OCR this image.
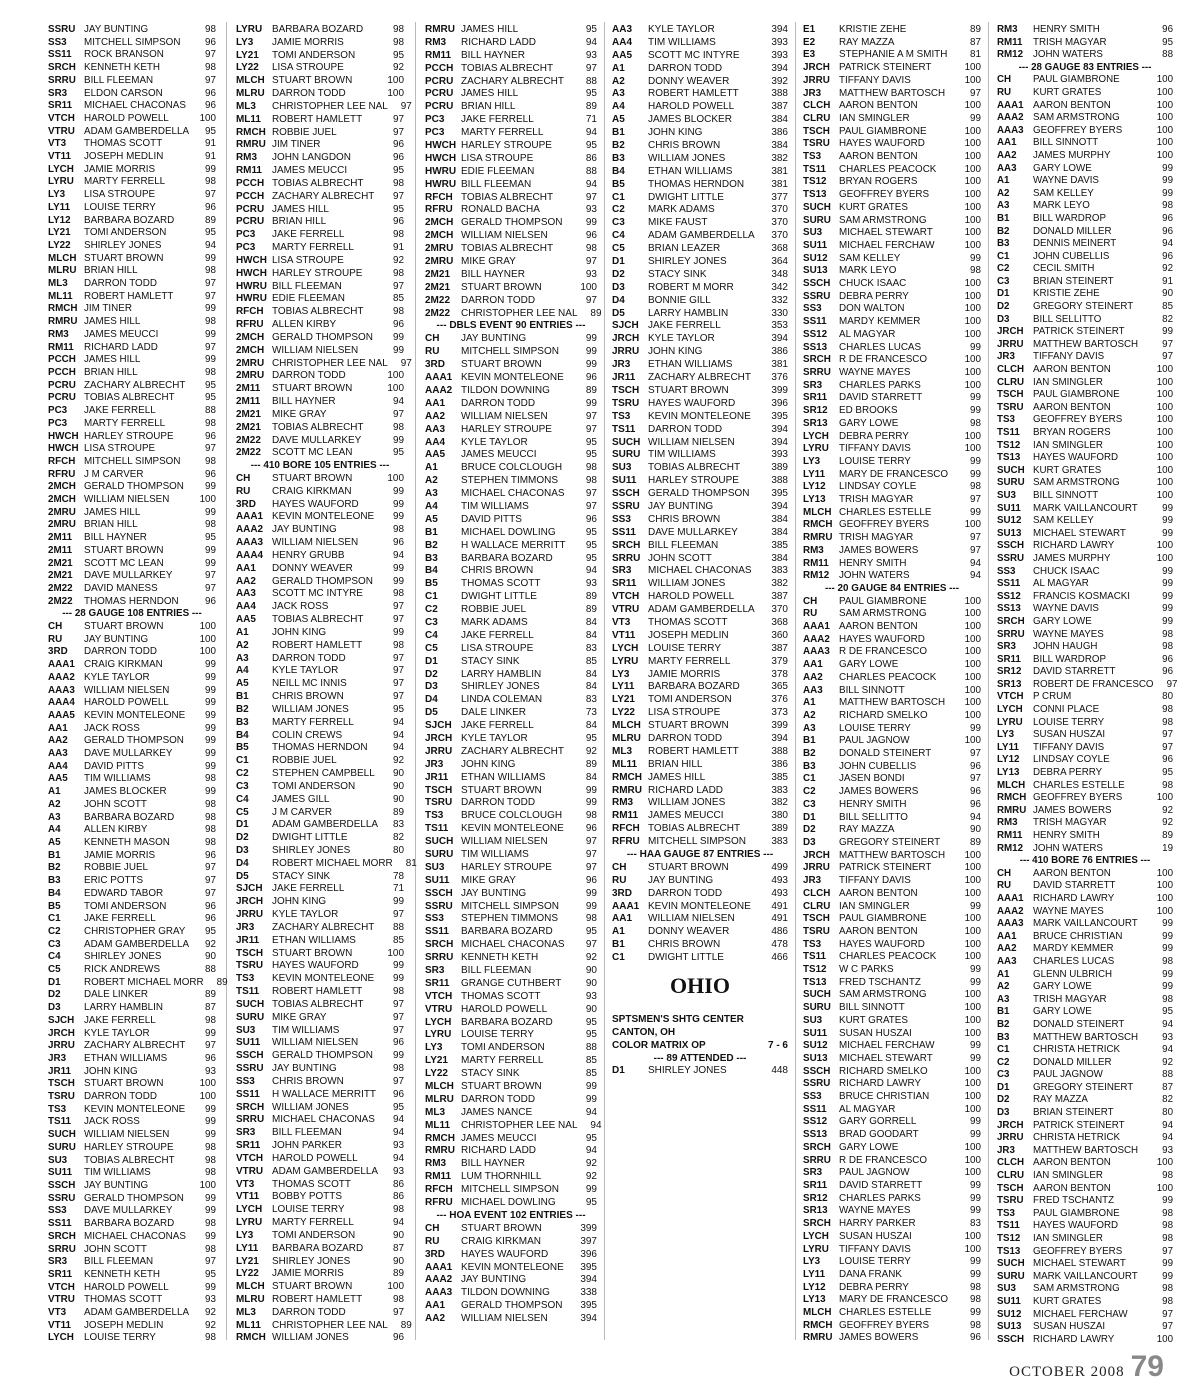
SSRU JAY BUNTING	98
SS3	MITCHELL SIMPSON	96
SS11	ROCK BRANSON	97
SRCH KENNETH KETH	98
SRRU BILL FLEEMAN	97
SR3	ELDON CARSON	96
SR11	MICHAEL CHACONAS	96
VTCH HAROLD POWELL	100
VTRU ADAM GAMBERDELLA	95
VT3	THOMAS SCOTT	91
VT11	JOSEPH MEDLIN	91
LYCH	JAMIE MORRIS	99
LYRU	MARTY FERRELL	98
LY3	LISA STROUPE	97
LY11	LOUISE TERRY	96
LY12	BARBARA BOZARD	89
LY21	TOMI ANDERSON	95
LY22	SHIRLEY JONES	94
MLCH STUART BROWN	99
MLRU BRIAN HILL	98
ML3	DARRON TODD	97
ML11	ROBERT HAMLETT	97
RMCH JIM TINER	99
RMRU JAMES HILL	98
RM3	JAMES MEUCCI	99
RM11	RICHARD LADD	97
PCCH JAMES HILL	99
PCCH BRIAN HILL	98
PCRU ZACHARY ALBRECHT	95
PCRU TOBIAS ALBRECHT	95
PC3	JAKE FERRELL	88
PC3	MARTY FERRELL	98
HWCH HARLEY STROUPE	96
HWCH LISA STROUPE	97
RFCH MITCHELL SIMPSON	98
RFRU J M CARVER	96
2MCH GERALD THOMPSON	99
2MCH WILLIAM NIELSEN	100
2MRU JAMES HILL	99
2MRU BRIAN HILL	98
2M11	BILL HAYNER	95
2M11	STUART BROWN	99
2M21	SCOTT MC LEAN	99
2M21	DAVE MULLARKEY	97
2M22	DAVID MANESS	97
2M22	THOMAS HERNDON	96
--- 28 GAUGE 108 ENTRIES ---
CH	STUART BROWN	100
RU	JAY BUNTING	100
3RD	DARRON TODD	100
AAA1 CRAIG KIRKMAN	99
AAA2 KYLE TAYLOR	99
AAA3 WILLIAM NIELSEN	99
AAA4 HAROLD POWELL	99
AAA5 KEVIN MONTELEONE	99
AA1	JACK ROSS	99
AA2	GERALD THOMPSON	99
AA3	DAVE MULLARKEY	99
AA4	DAVID PITTS	99
AA5	TIM WILLIAMS	98
A1	JAMES BLOCKER	99
A2	JOHN SCOTT	98
A3	BARBARA BOZARD	98
A4	ALLEN KIRBY	98
A5	KENNETH MASON	98
B1	JAMIE MORRIS	96
B2	ROBBIE JUEL	97
B3	ERIC POTTS	97
B4	EDWARD TABOR	97
B5	TOMI ANDERSON	96
C1	JAKE FERRELL	96
C2	CHRISTOPHER GRAY	95
C3	ADAM GAMBERDELLA	92
C4	SHIRLEY JONES	90
C5	RICK ANDREWS	88
D1	ROBERT MICHAEL MORR	89
D2	DALE LINKER	89
D3	LARRY HAMBLIN	87
SJCH JAKE FERRELL	98
JRCH KYLE TAYLOR	99
JRRU ZACHARY ALBRECHT	97
JR3	ETHAN WILLIAMS	96
JR11	JOHN KING	93
TSCH STUART BROWN	100
TSRU DARRON TODD	100
TS3	KEVIN MONTELEONE	99
TS11	JACK ROSS	99
SUCH WILLIAM NIELSEN	99
SURU HARLEY STROUPE	98
SU3	TOBIAS ALBRECHT	98
SU11	TIM WILLIAMS	98
SSCH JAY BUNTING	100
SSRU GERALD THOMPSON	99
SS3	DAVE MULLARKEY	99
SS11	BARBARA BOZARD	98
SRCH MICHAEL CHACONAS	99
SRRU JOHN SCOTT	98
SR3	BILL FLEEMAN	97
SR11	KENNETH KETH	95
VTCH HAROLD POWELL	99
VTRU THOMAS SCOTT	93
VT3	ADAM GAMBERDELLA	92
VT11	JOSEPH MEDLIN	92
LYCH	LOUISE TERRY	98
LYRU BARBARA BOZARD	98
LY3	JAMIE MORRIS	98
LY21	TOMI ANDERSON	95
LY22	LISA STROUPE	92
MLCH STUART BROWN	100
MLRU DARRON TODD	100
ML3	CHRISTOPHER LEE NAL	97
ML11	ROBERT HAMLETT	97
RMCH ROBBIE JUEL	97
RMRU JIM TINER	96
RM3	JOHN LANGDON	96
RM11	JAMES MEUCCI	95
PCCH TOBIAS ALBRECHT	98
PCCH ZACHARY ALBRECHT	97
PCRU JAMES HILL	95
PCRU BRIAN HILL	96
PC3	JAKE FERRELL	98
PC3	MARTY FERRELL	91
HWCH LISA STROUPE	92
HWCH HARLEY STROUPE	98
HWRU BILL FLEEMAN	97
HWRU EDIE FLEEMAN	85
RFCH TOBIAS ALBRECHT	98
RFRU ALLEN KIRBY	96
2MCH GERALD THOMPSON	99
2MCH WILLIAM NIELSEN	99
2MRU CHRISTOPHER LEE NAL	97
2MRU DARRON TODD	100
2M11	STUART BROWN	100
2M11	BILL HAYNER	94
2M21	MIKE GRAY	97
2M21	TOBIAS ALBRECHT	98
2M22	DAVE MULLARKEY	99
2M22	SCOTT MC LEAN	95
--- 410 BORE 105 ENTRIES ---
CH	STUART BROWN	100
RU	CRAIG KIRKMAN	99
3RD	HAYES WAUFORD	99
AAA1 KEVIN MONTELEONE	99
AAA2 JAY BUNTING	98
AAA3 WILLIAM NIELSEN	96
AAA4 HENRY GRUBB	94
AA1	DONNY WEAVER	99
AA2	GERALD THOMPSON	99
AA3	SCOTT MC INTYRE	98
AA4	JACK ROSS	97
AA5	TOBIAS ALBRECHT	97
A1	JOHN KING	99
A2	ROBERT HAMLETT	98
A3	DARRON TODD	97
A4	KYLE TAYLOR	97
A5	NEILL MC INNIS	97
B1	CHRIS BROWN	97
B2	WILLIAM JONES	95
B3	MARTY FERRELL	94
B4	COLIN CREWS	94
B5	THOMAS HERNDON	94
C1	ROBBIE JUEL	92
C2	STEPHEN CAMPBELL	90
C3	TOMI ANDERSON	90
C4	JAMES GILL	90
C5	J M CARVER	89
D1	ADAM GAMBERDELLA	83
D2	DWIGHT LITTLE	82
D3	SHIRLEY JONES	80
D4	ROBERT MICHAEL MORR	81
D5	STACY SINK	78
SJCH JAKE FERRELL	71
JRCH JOHN KING	99
JRRU KYLE TAYLOR	97
JR3	ZACHARY ALBRECHT	88
JR11	ETHAN WILLIAMS	85
TSCH STUART BROWN	100
TSRU HAYES WAUFORD	99
TS3	KEVIN MONTELEONE	99
TS11	ROBERT HAMLETT	98
SUCH TOBIAS ALBRECHT	97
SURU MIKE GRAY	97
SU3	TIM WILLIAMS	97
SU11	WILLIAM NIELSEN	96
SSCH GERALD THOMPSON	99
SSRU JAY BUNTING	98
SS3	CHRIS BROWN	97
SS11	H WALLACE MERRITT	96
SRCH WILLIAM JONES	95
SRRU MICHAEL CHACONAS	94
SR3	BILL FLEEMAN	94
SR11	JOHN PARKER	93
VTCH HAROLD POWELL	94
VTRU ADAM GAMBERDELLA	93
VT3	THOMAS SCOTT	86
VT11	BOBBY POTTS	86
LYCH LOUISE TERRY	98
LYRU MARTY FERRELL	94
LY3	TOMI ANDERSON	90
LY11	BARBARA BOZARD	87
LY21	SHIRLEY JONES	90
LY22	JAMIE MORRIS	89
MLCH STUART BROWN	100
MLRU ROBERT HAMLETT	98
ML3	DARRON TODD	97
ML11	CHRISTOPHER LEE NAL	89
RMCH WILLIAM JONES	96
RMRU JAMES HILL	95
RM3	RICHARD LADD	94
RM11 BILL HAYNER	93
PCCH TOBIAS ALBRECHT	97
PCRU ZACHARY ALBRECHT	88
PCRU JAMES HILL	95
PCRU BRIAN HILL	89
PC3	JAKE FERRELL	71
PC3	MARTY FERRELL	94
HWCH HARLEY STROUPE	95
HWCH LISA STROUPE	86
HWRU EDIE FLEEMAN	88
HWRU BILL FLEEMAN	94
RFCH TOBIAS ALBRECHT	97
RFRU RONALD BACHA	93
2MCH GERALD THOMPSON	99
2MCH WILLIAM NIELSEN	96
2MRU TOBIAS ALBRECHT	98
2MRU MIKE GRAY	97
2M21	BILL HAYNER	93
2M21	STUART BROWN	100
2M22	DARRON TODD	97
2M22	CHRISTOPHER LEE NAL	89
--- DBLS EVENT 90 ENTRIES ---
CH	JAY BUNTING	99
RU	MITCHELL SIMPSON	99
3RD	STUART BROWN	99
AAA1 KEVIN MONTELEONE	96
AAA2 TILDON DOWNING	89
AA1	DARRON TODD	99
AA2	WILLIAM NIELSEN	97
AA3	HARLEY STROUPE	97
AA4	KYLE TAYLOR	95
AA5	JAMES MEUCCI	95
A1	BRUCE COLCLOUGH	98
A2	STEPHEN TIMMONS	98
A3	MICHAEL CHACONAS	97
A4	TIM WILLIAMS	97
A5	DAVID PITTS	96
B1	MICHAEL DOWLING	95
B2	H WALLACE MERRITT	95
B3	BARBARA BOZARD	95
B4	CHRIS BROWN	94
B5	THOMAS SCOTT	93
C1	DWIGHT LITTLE	89
C2	ROBBIE JUEL	89
C3	MARK ADAMS	84
C4	JAKE FERRELL	84
C5	LISA STROUPE	83
D1	STACY SINK	85
D2	LARRY HAMBLIN	84
D3	SHIRLEY JONES	84
D4	LINDA COLEMAN	83
D5	DALE LINKER	73
SJCH JAKE FERRELL	84
JRCH KYLE TAYLOR	95
JRRU ZACHARY ALBRECHT	92
JR3	JOHN KING	89
JR11	ETHAN WILLIAMS	84
TSCH STUART BROWN	99
TSRU DARRON TODD	99
TS3	BRUCE COLCLOUGH	98
TS11	KEVIN MONTELEONE	96
SUCH WILLIAM NIELSEN	97
SURU TIM WILLIAMS	97
SU3	HARLEY STROUPE	97
SU11	MIKE GRAY	96
SSCH JAY BUNTING	99
SSRU MITCHELL SIMPSON	99
SS3	STEPHEN TIMMONS	98
SS11	BARBARA BOZARD	95
SRCH MICHAEL CHACONAS	97
SRRU KENNETH KETH	92
SR3	BILL FLEEMAN	90
SR11	GRANGE CUTHBERT	90
VTCH THOMAS SCOTT	93
VTRU HAROLD POWELL	90
LYCH BARBARA BOZARD	95
LYRU LOUISE TERRY	95
LY3	TOMI ANDERSON	88
LY21	MARTY FERRELL	85
LY22	STACY SINK	85
MLCH STUART BROWN	99
MLRU DARRON TODD	99
ML3	JAMES NANCE	94
ML11	CHRISTOPHER LEE NAL	94
RMCH JAMES MEUCCI	95
RMRU RICHARD LADD	94
RM3	BILL HAYNER	92
RM11 LUM THORNHILL	92
RFCH MITCHELL SIMPSON	99
RFRU MICHAEL DOWLING	95
--- HOA EVENT 102 ENTRIES ---
CH	STUART BROWN	399
RU	CRAIG KIRKMAN	397
3RD	HAYES WAUFORD	396
AAA1 KEVIN MONTELEONE	395
AAA2 JAY BUNTING	394
AAA3 TILDON DOWNING	338
AA1	GERALD THOMPSON	395
AA2	WILLIAM NIELSEN	394
AA3	KYLE TAYLOR	394
AA4	TIM WILLIAMS	393
AA5	SCOTT MC INTYRE	393
A1	DARRON TODD	394
A2	DONNY WEAVER	392
A3	ROBERT HAMLETT	388
A4	HAROLD POWELL	387
A5	JAMES BLOCKER	384
B1	JOHN KING	386
B2	CHRIS BROWN	384
B3	WILLIAM JONES	382
B4	ETHAN WILLIAMS	381
B5	THOMAS HERNDON	381
C1	DWIGHT LITTLE	377
C2	MARK ADAMS	370
C3	MIKE FAUST	370
C4	ADAM GAMBERDELLA	370
C5	BRIAN LEAZER	368
D1	SHIRLEY JONES	364
D2	STACY SINK	348
D3	ROBERT M MORR	342
D4	BONNIE GILL	332
D5	LARRY HAMBLIN	330
SJCH JAKE FERRELL	353
JRCH KYLE TAYLOR	394
JRRU JOHN KING	386
JR3	ETHAN WILLIAMS	381
JR11	ZACHARY ALBRECHT	376
TSCH STUART BROWN	399
TSRU HAYES WAUFORD	396
TS3	KEVIN MONTELEONE	395
TS11	DARRON TODD	394
SUCH WILLIAM NIELSEN	394
SURU TIM WILLIAMS	393
SU3	TOBIAS ALBRECHT	389
SU11	HARLEY STROUPE	388
SSCH GERALD THOMPSON	395
SSRU JAY BUNTING	394
SS3	CHRIS BROWN	384
SS11	DAVE MULLARKEY	384
SRCH BILL FLEEMAN	385
SRRU JOHN SCOTT	384
SR3	MICHAEL CHACONAS	383
SR11	WILLIAM JONES	382
VTCH HAROLD POWELL	387
VTRU ADAM GAMBERDELLA	370
VT3	THOMAS SCOTT	368
VT11	JOSEPH MEDLIN	360
LYCH LOUISE TERRY	387
LYRU MARTY FERRELL	379
LY3	JAMIE MORRIS	378
LY11	BARBARA BOZARD	365
LY21	TOMI ANDERSON	376
LY22	LISA STROUPE	373
MLCH STUART BROWN	399
MLRU DARRON TODD	394
ML3	ROBERT HAMLETT	388
ML11	BRIAN HILL	386
RMCH JAMES HILL	385
RMRU RICHARD LADD	383
RM3	WILLIAM JONES	382
RM11 JAMES MEUCCI	380
RFCH TOBIAS ALBRECHT	389
RFRU MITCHELL SIMPSON	383
--- HAA GAUGE 87 ENTRIES ---
CH	STUART BROWN	499
RU	JAY BUNTING	493
3RD	DARRON TODD	493
AAA1 KEVIN MONTELEONE	491
AA1	WILLIAM NIELSEN	491
A1	DONNY WEAVER	486
B1	CHRIS BROWN	478
C1	DWIGHT LITTLE	466
OHIO
SPTSMEN'S SHTG CENTER
CANTON, OH
COLOR MATRIX OP	7 - 6
--- 89 ATTENDED ---
D1	SHIRLEY JONES	448
E1	KRISTIE ZEHE	89
E2	RAY MAZZA	87
E3	STEPHANIE A M SMITH	81
JRCH PATRICK STEINERT	100
JRRU TIFFANY DAVIS	100
JR3	MATTHEW BARTOSCH	97
CLCH AARON BENTON	100
CLRU IAN SMINGLER	99
TSCH PAUL GIAMBRONE	100
TSRU HAYES WAUFORD	100
TS3	AARON BENTON	100
TS11	CHARLES PEACOCK	100
TS12	BRYAN ROGERS	100
TS13	GEOFFREY BYERS	100
SUCH KURT GRATES	100
SURU SAM ARMSTRONG	100
SU3	MICHAEL STEWART	100
SU11	MICHAEL FERCHAW	100
SU12	SAM KELLEY	99
SU13	MARK LEYO	98
SSCH CHUCK ISAAC	100
SSRU DEBRA PERRY	100
SS3	DON WALTON	100
SS11	MARDY KEMMER	100
SS12	AL MAGYAR	100
SS13	CHARLES LUCAS	99
SRCH R DE FRANCESCO	100
SRRU WAYNE MAYES	100
SR3	CHARLES PARKS	100
SR11	DAVID STARRETT	99
SR12	ED BROOKS	99
SR13	GARY LOWE	98
LYCH	DEBRA PERRY	100
LYRU	TIFFANY DAVIS	100
LY3	LOUISE TERRY	99
LY11	MARY DE FRANCESCO	99
LY12	LINDSAY COYLE	98
LY13	TRISH MAGYAR	97
MLCH CHARLES ESTELLE	99
RMCH GEOFFREY BYERS	100
RMRU TRISH MAGYAR	97
RM3	JAMES BOWERS	97
RM11	HENRY SMITH	94
RM12 JOHN WATERS	94
--- 20 GAUGE 84 ENTRIES ---
CH	PAUL GIAMBRONE	100
RU	SAM ARMSTRONG	100
AAA1 AARON BENTON	100
AAA2 HAYES WAUFORD	100
AAA3 R DE FRANCESCO	100
AA1	GARY LOWE	100
AA2	CHARLES PEACOCK	100
AA3	BILL SINNOTT	100
A1	MATTHEW BARTOSCH	100
A2	RICHARD SMELKO	100
A3	LOUISE TERRY	99
B1	PAUL JAGNOW	100
B2	DONALD STEINERT	97
B3	JOHN CUBELLIS	96
C1	JASEN BONDI	97
C2	JAMES BOWERS	96
C3	HENRY SMITH	96
D1	BILL SELLITTO	94
D2	RAY MAZZA	90
D3	GREGORY STEINERT	89
JRCH MATTHEW BARTOSCH	100
JRRU PATRICK STEINERT	100
JR3	TIFFANY DAVIS	100
CLCH AARON BENTON	100
CLRU IAN SMINGLER	99
TSCH PAUL GIAMBRONE	100
TSRU AARON BENTON	100
TS3	HAYES WAUFORD	100
TS11	CHARLES PEACOCK	100
TS12	W C PARKS	99
TS13	FRED TSCHANTZ	99
SUCH SAM ARMSTRONG	100
SURU BILL SINNOTT	100
SU3	KURT GRATES	100
SU11	SUSAN HUSZAI	100
SU12	MICHAEL FERCHAW	99
SU13	MICHAEL STEWART	99
SSCH RICHARD SMELKO	100
SSRU RICHARD LAWRY	100
SS3	BRUCE CHRISTIAN	100
SS11	AL MAGYAR	100
SS12	GARY GORRELL	99
SS13	BRAD GOODART	99
SRCH GARY LOWE	100
SRRU R DE FRANCESCO	100
SR3	PAUL JAGNOW	100
SR11	DAVID STARRETT	99
SR12	CHARLES PARKS	99
SR13	WAYNE MAYES	99
SRCH HARRY PARKER	83
LYCH	SUSAN HUSZAI	100
LYRU	TIFFANY DAVIS	100
LY3	LOUISE TERRY	99
LY11	DANA FRANK	99
LY12	DEBRA PERRY	98
LY13	MARY DE FRANCESCO	98
MLCH CHARLES ESTELLE	99
RMCH GEOFFREY BYERS	98
RMRU JAMES BOWERS	96
RM3	HENRY SMITH	96
RM11	TRISH MAGYAR	95
RM12	JOHN WATERS	88
--- 28 GAUGE 83 ENTRIES ---
CH	PAUL GIAMBRONE	100
RU	KURT GRATES	100
AAA1 AARON BENTON	100
AAA2 SAM ARMSTRONG	100
AAA3 GEOFFREY BYERS	100
AA1	BILL SINNOTT	100
AA2	JAMES MURPHY	100
AA3	GARY LOWE	99
A1	WAYNE DAVIS	99
A2	SAM KELLEY	99
A3	MARK LEYO	98
B1	BILL WARDROP	96
B2	DONALD MILLER	96
B3	DENNIS MEINERT	94
C1	JOHN CUBELLIS	96
C2	CECIL SMITH	92
C3	BRIAN STEINERT	91
D1	KRISTIE ZEHE	90
D2	GREGORY STEINERT	85
D3	BILL SELLITTO	82
JRCH PATRICK STEINERT	99
JRRU MATTHEW BARTOSCH	97
JR3	TIFFANY DAVIS	97
CLCH AARON BENTON	100
CLRU IAN SMINGLER	100
TSCH PAUL GIAMBRONE	100
TSRU AARON BENTON	100
TS3	GEOFFREY BYERS	100
TS11	BRYAN ROGERS	100
TS12	IAN SMINGLER	100
TS13	HAYES WAUFORD	100
SUCH KURT GRATES	100
SURU SAM ARMSTRONG	100
SU3	BILL SINNOTT	100
SU11	MARK VAILLANCOURT	99
SU12	SAM KELLEY	99
SU13	MICHAEL STEWART	99
SSCH RICHARD LAWRY	100
SSRU JAMES MURPHY	100
SS3	CHUCK ISAAC	99
SS11	AL MAGYAR	99
SS12	FRANCIS KOSMACKI	99
SS13	WAYNE DAVIS	99
SRCH GARY LOWE	99
SRRU WAYNE MAYES	98
SR3	JOHN HAUGH	98
SR11	BILL WARDROP	96
SR12	DAVID STARRETT	96
SR13	ROBERT DE FRANCESCO	97
VTCH P CRUM	80
LYCH	CONNI PLACE	98
LYRU	LOUISE TERRY	98
LY3	SUSAN HUSZAI	97
LY11	TIFFANY DAVIS	97
LY12	LINDSAY COYLE	96
LY13	DEBRA PERRY	95
MLCH CHARLES ESTELLE	98
RMCH GEOFFREY BYERS	100
RMRU JAMES BOWERS	92
RM3	TRISH MAGYAR	92
RM11	HENRY SMITH	89
RM12	JOHN WATERS	19
--- 410 BORE 76 ENTRIES ---
CH	AARON BENTON	100
RU	DAVID STARRETT	100
AAA1 RICHARD LAWRY	100
AAA2 WAYNE MAYES	100
AAA3 MARK VAILLANCOURT	99
AA1	BRUCE CHRISTIAN	99
AA2	MARDY KEMMER	99
AA3	CHARLES LUCAS	98
A1	GLENN ULBRICH	99
A2	GARY LOWE	99
A3	TRISH MAGYAR	98
B1	GARY LOWE	95
B2	DONALD STEINERT	94
B3	MATTHEW BARTOSCH	93
C1	CHRISTA HETRICK	94
C2	DONALD MILLER	92
C3	PAUL JAGNOW	88
D1	GREGORY STEINERT	87
D2	RAY MAZZA	82
D3	BRIAN STEINERT	80
JRCH PATRICK STEINERT	94
JRRU CHRISTA HETRICK	94
JR3	MATTHEW BARTOSCH	93
CLCH AARON BENTON	100
CLRU IAN SMINGLER	98
TSCH AARON BENTON	100
TSRU FRED TSCHANTZ	99
TS3	PAUL GIAMBRONE	98
TS11	HAYES WAUFORD	98
TS12	IAN SMINGLER	98
TS13	GEOFFREY BYERS	97
SUCH MICHAEL STEWART	99
SURU MARK VAILLANCOURT	99
SU3	SAM ARMSTRONG	98
SU11	KURT GRATES	98
SU12	MICHAEL FERCHAW	97
SU13	SUSAN HUSZAI	97
SSCH RICHARD LAWRY	100
OCTOBER 2008 79
